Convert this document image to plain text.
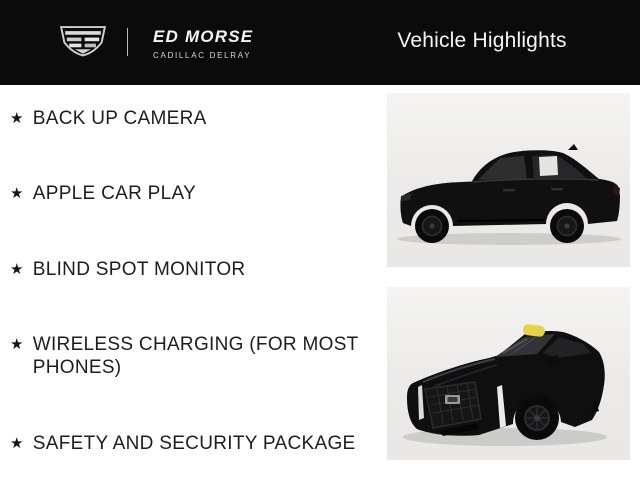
ED MORSE
CADILLAC DELRAY
Vehicle Highlights
★ BACK UP CAMERA
★ APPLE CAR PLAY
★ BLIND SPOT MONITOR
★ WIRELESS CHARGING (FOR MOST PHONES)
★ SAFETY AND SECURITY PACKAGE
